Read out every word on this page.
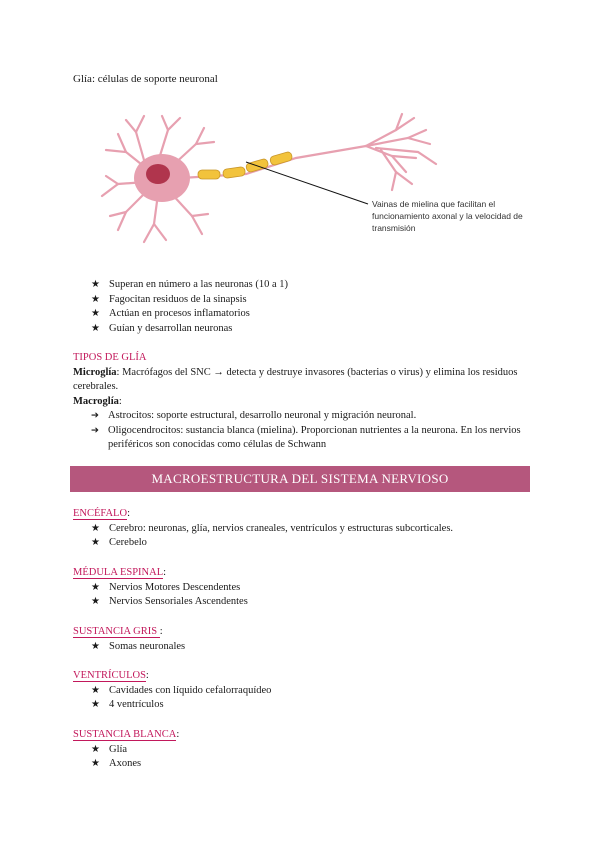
Glía: células de soporte neuronal
Vainas de mielina que facilitan el funcionamiento axonal y la velocidad de transmisión
★ Superan en número a las neuronas (10 a 1)
★ Fagocitan residuos de la sinapsis
★ Actúan en procesos inflamatorios
★ Guían y desarrollan neuronas
TIPOS DE GLÍA
Microglía: Macrófagos del SNC → detecta y destruye invasores (bacterias o virus) y elimina los residuos cerebrales.
Macroglía:
➔ Astrocitos: soporte estructural, desarrollo neuronal y migración neuronal.
➔ Oligocendrocitos: sustancia blanca (mielina). Proporcionan nutrientes a la neurona. En los nervios periféricos son conocidas como células de Schwann
MACROESTRUCTURA DEL SISTEMA NERVIOSO
ENCÉFALO:
★ Cerebro: neuronas, glía, nervios craneales, ventrículos y estructuras subcorticales.
★ Cerebelo
MÉDULA ESPINAL:
★ Nervios Motores Descendentes
★ Nervios Sensoriales Ascendentes
SUSTANCIA GRIS :
★ Somas neuronales
VENTRÍCULOS:
★ Cavidades con líquido cefalorraquídeo
★ 4 ventrículos
SUSTANCIA BLANCA:
★ Glía
★ Axones
